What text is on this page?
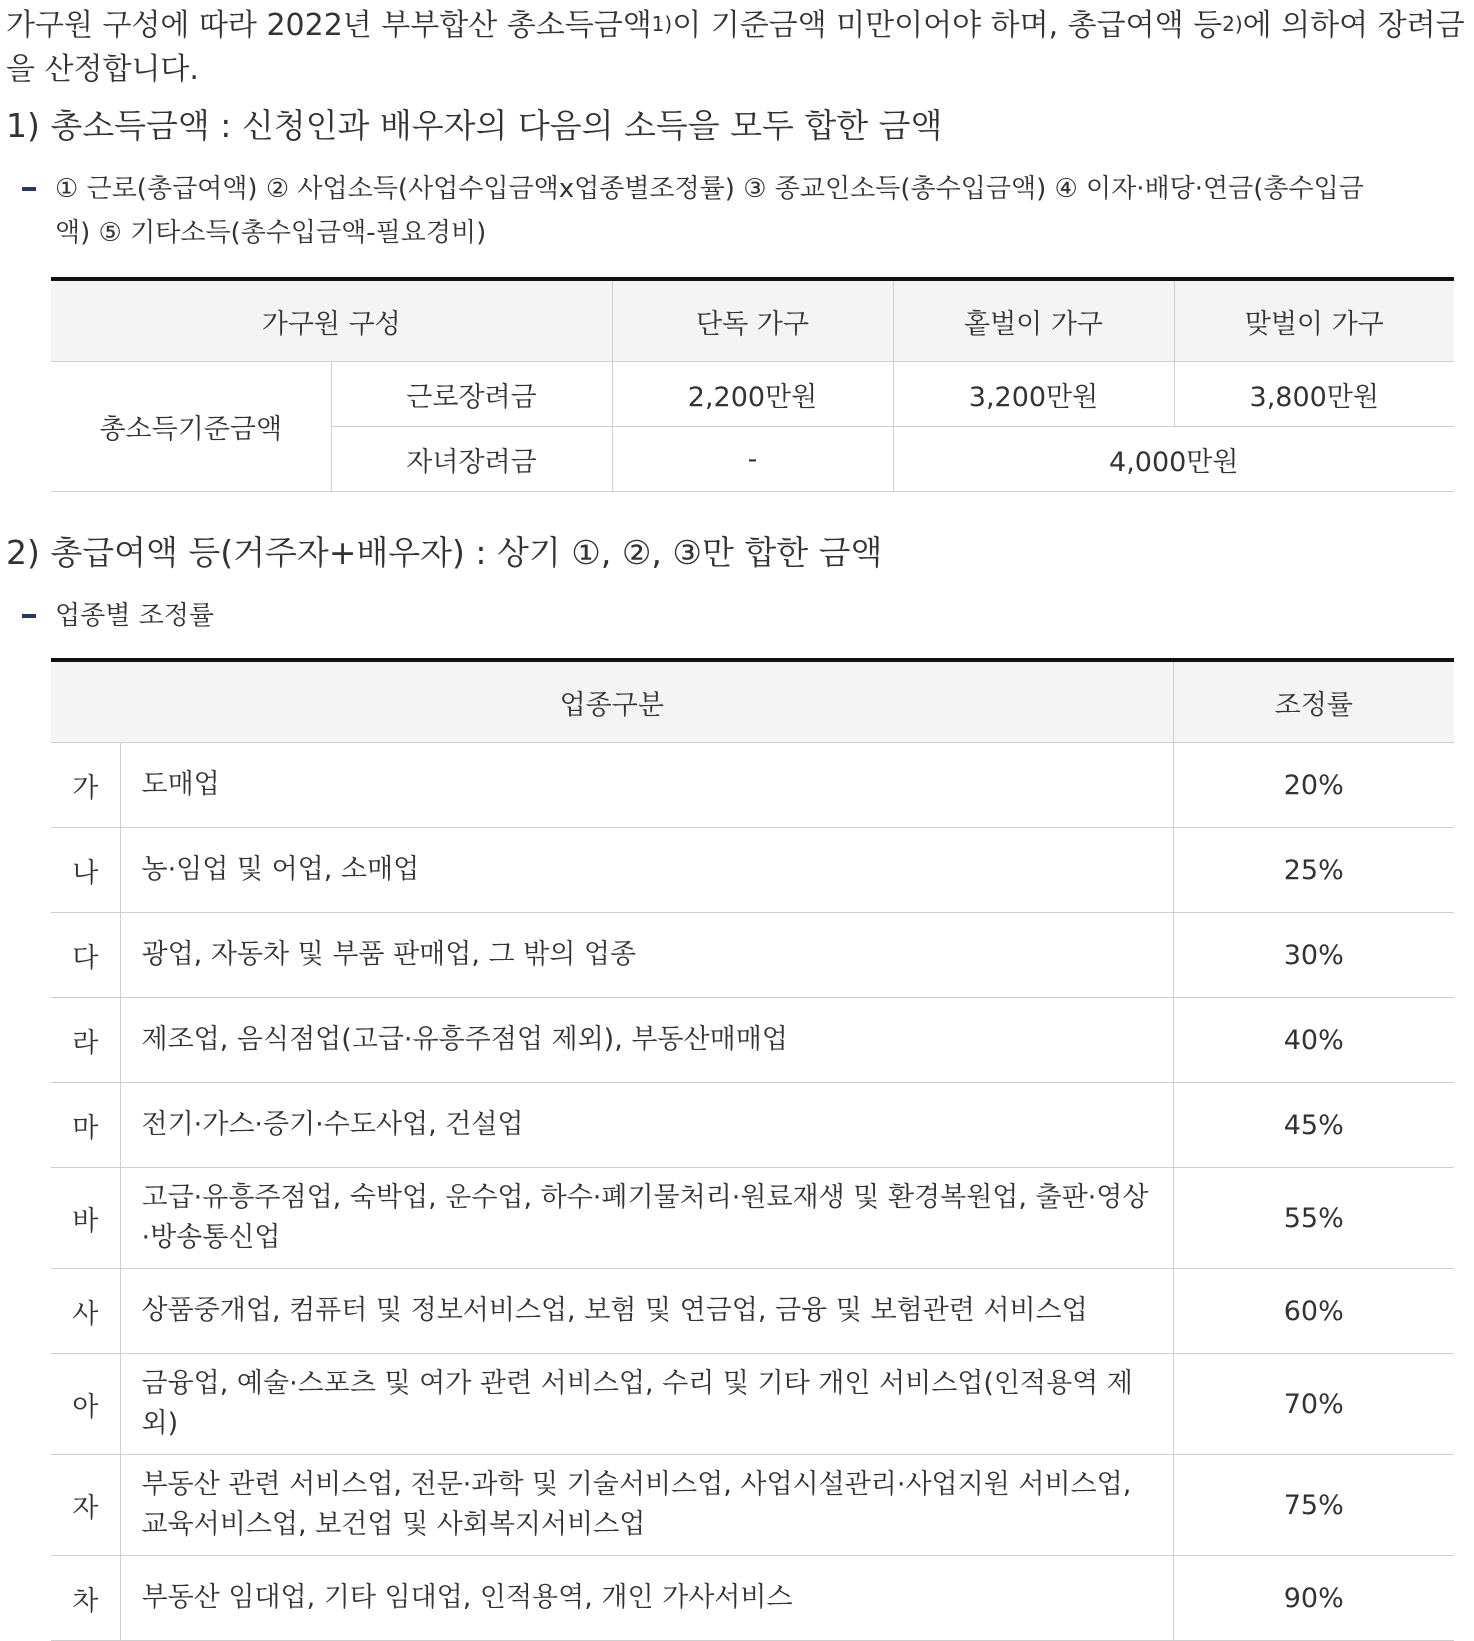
가구원 구성에 따라 2022년 부부합산 총소득금액$^{1)}$이 기준금액 미만이어야 하며, 총급여액 등$^{2)}$에 의하여 장려금을 산정합니다.
1) 총소득금액 : 신청인과 배우자의 다음의 소득을 모두 합한 금액
① 근로(총급여액) ② 사업소득(사업수입금액x업종별조정률) ③ 종교인소득(총수입금액) ④ 이자·배당·연금(총수입금액) ⑤ 기타소득(총수입금액-필요경비)
가구원 구성		단독 가구	홑벌이 가구	맞벌이 가구
총소득기준금액	근로장려금	2,200만원	3,200만원	3,800만원
	자녀장려금	-	4,000만원	
2) 총급여액 등(거주자+배우자) : 상기 ①, ②, ③만 합한 금액
업종별 조정률
업종구분		조정률
가	도매업	20%
나	농·임업 및 어업, 소매업	25%
다	광업, 자동차 및 부품 판매업, 그 밖의 업종	30%
라	제조업, 음식점업(고급·유흥주점업 제외), 부동산매매업	40%
마	전기·가스·증기·수도사업, 건설업	45%
바	고급·유흥주점업, 숙박업, 운수업, 하수·폐기물처리·원료재생 및 환경복원업, 출판·영상·방송통신업	55%
사	상품중개업, 컴퓨터 및 정보서비스업, 보험 및 연금업, 금융 및 보험관련 서비스업	60%
아	금융업, 예술·스포츠 및 여가 관련 서비스업, 수리 및 기타 개인 서비스업(인적용역 제외)	70%
자	부동산 관련 서비스업, 전문·과학 및 기술서비스업, 사업시설관리·사업지원 서비스업, 교육서비스업, 보건업 및 사회복지서비스업	75%
차	부동산 임대업, 기타 임대업, 인적용역, 개인 가사서비스	90%
